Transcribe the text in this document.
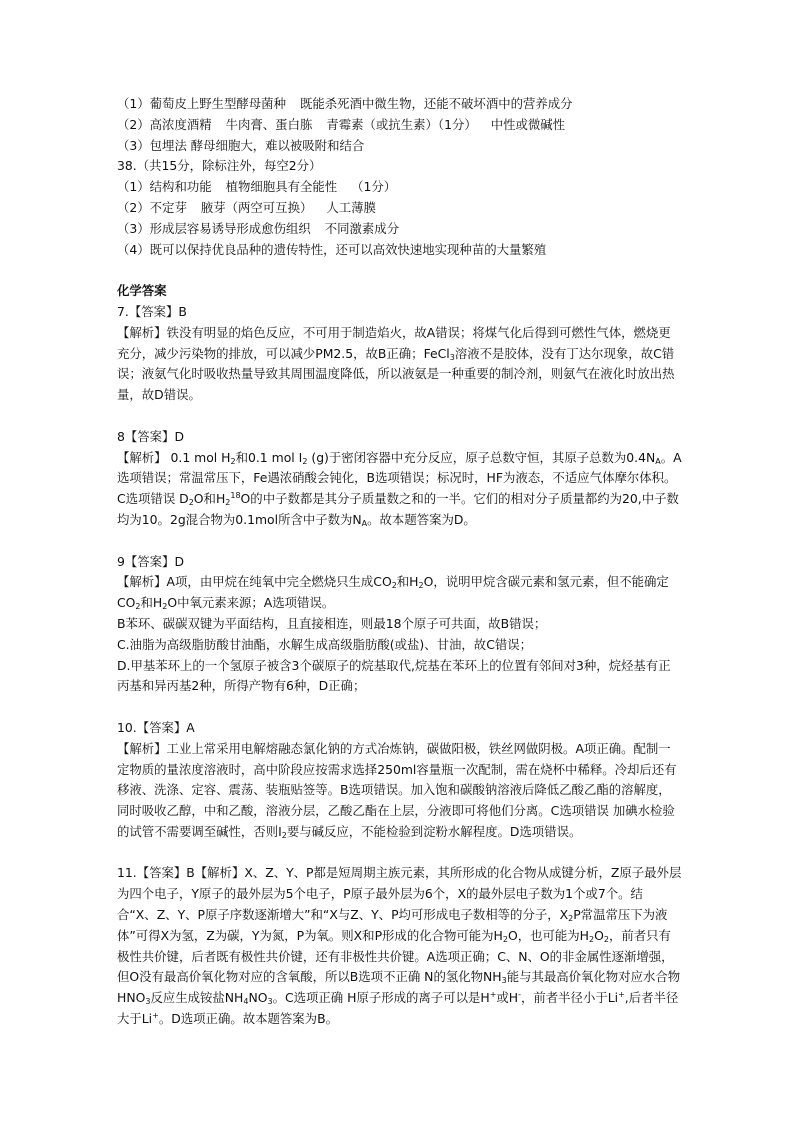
（1）葡萄皮上野生型酵母菌种 既能杀死酒中微生物，还能不破坏酒中的营养成分

（2）高浓度酒精 牛肉膏、蛋白胨 青霉素（或抗生素）（1分） 中性或微碱性

（3）包埋法 酵母细胞大，难以被吸附和结合

38.（共15分，除标注外，每空2分）

（1）结构和功能 植物细胞具有全能性 （1分）

（2）不定芽 腋芽（两空可互换） 人工薄膜

（3）形成层容易诱导形成愈伤组织 不同激素成分

（4）既可以保持优良品种的遗传特性，还可以高效快速地实现种苗的大量繁殖

化学答案

7.【答案】B

【解析】铁没有明显的焰色反应，不可用于制造焰火，故A错误；将煤气化后得到可燃性气体，燃烧更充分，减少污染物的排放，可以减少PM2.5，故B正确；FeCl$_3$溶液不是胶体，没有丁达尔现象，故C错误；液氨气化时吸收热量导致其周围温度降低，所以液氨是一种重要的制冷剂，则氨气在液化时放出热量，故D错误。

8【答案】D

【解析】 0.1 mol $H_2$和0.1 mol $I_2$ (g)于密闭容器中充分反应，原子总数守恒，其原子总数为$0.4N_A$。A选项错误；常温常压下，Fe遇浓硝酸会钝化，B选项错误；标况时，HF为液态，不适应气体摩尔体积。C选项错误 $D_2O$和$H_2^{18}O$的中子数都是其分子质量数之和的一半。它们的相对分子质量都约为20,中子数均为10。2g混合物为0.1mol所含中子数为$N_A$。故本题答案为D。

9【答案】D

【解析】A项，由甲烷在纯氧中完全燃烧只生成$CO_2$和$H_2O$，说明甲烷含碳元素和氢元素，但不能确定$CO_2$和$H_2O$中氧元素来源；A选项错误。

B苯环、碳碳双键为平面结构，且直接相连，则最18个原子可共面，故B错误；

C.油脂为高级脂肪酸甘油酯，水解生成高级脂肪酸(或盐)、甘油，故C错误；

D.甲基苯环上的一个氢原子被含3个碳原子的烷基取代,烷基在苯环上的位置有邻间对3种，烷烃基有正丙基和异丙基2种，所得产物有6种，D正确；

10.【答案】A

【解析】工业上常采用电解熔融态氯化钠的方式冶炼钠，碳做阳极，铁丝网做阴极。A项正确。配制一定物质的量浓度溶液时，高中阶段应按需求选择250ml容量瓶一次配制，需在烧杯中稀释。冷却后还有移液、洗涤、定容、震荡、装瓶贴签等。B选项错误。加入饱和碳酸钠溶液后降低乙酸乙酯的溶解度，同时吸收乙醇，中和乙酸，溶液分层，乙酸乙酯在上层，分液即可将他们分离。C选项错误 加碘水检验的试管不需要调至碱性，否则$I_2$要与碱反应，不能检验到淀粉水解程度。D选项错误。

11.【答案】B【解析】X、Z、Y、P都是短周期主族元素，其所形成的化合物从成键分析，Z原子最外层为四个电子，Y原子的最外层为5个电子，P原子最外层为6个，X的最外层电子数为1个或7个。结合“X、Z、Y、P原子序数逐渐增大”和“X与Z、Y、P均可形成电子数相等的分子，$X_2P$常温常压下为液体”可得X为氢，Z为碳，Y为氮，P为氧。则X和P形成的化合物可能为$H_2O$，也可能为$H_2O_2$，前者只有极性共价键，后者既有极性共价键，还有非极性共价键。A选项正确；C、N、O的非金属性逐渐增强，但O没有最高价氧化物对应的含氧酸，所以B选项不正确 N的氢化物$NH_3$能与其最高价氧化物对应水合物$HNO_3$反应生成铵盐$NH_4NO_3$。C选项正确 H原子形成的离子可以是H+或H-，前者半径小于Li+,后者半径大于Li+。D选项正确。故本题答案为B。
